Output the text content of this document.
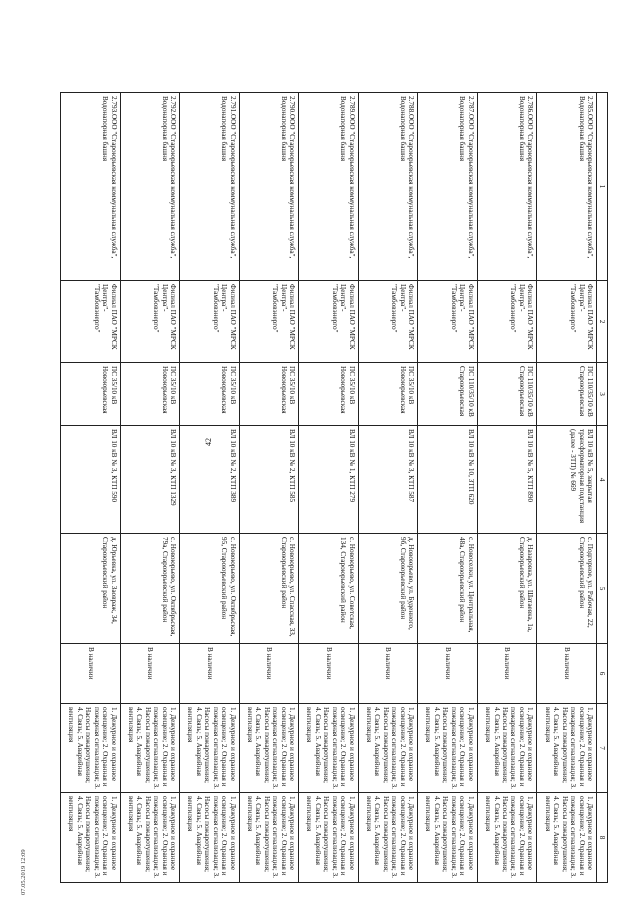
42
1	2	3	4	5	6	7	8
2.785.ООО "Староюрьевская коммунальная служба", Водонапорная башня	Филиал ПАО "МРСК Центра"-"Тамбовэнерго"	ПС 110/35/10 кВ Староюрьевская	ВЛ 10 кВ № 5, закрытая трансформаторная подстанция (далее - ЗТП) № 669	с. Подгорное, ул. Рабочая, 22, Староюрьевский район	В наличии	1. Дежурное и охранное освещение; 2. Охранная и пожарная сигнализация; 3. Насосы пожаротушения; 4. Связь; 5. Аварийная вентиляция	1. Дежурное и охранное освещение; 2. Охранная и пожарная сигнализация; 3. Насосы пожаротушения; 4. Связь; 5. Аварийная вентиляция
2.786.ООО "Староюрьевская коммунальная служба", Водонапорная башня	Филиал ПАО "МРСК Центра"-"Тамбовэнерго"	ПС 110/35/10 кВ Староюрьевская	ВЛ 10 кВ № 5, КТП 890	д. Назаровка, ул. Шатаевка, 1а, Староюрьевский район	В наличии	1. Дежурное и охранное освещение; 2. Охранная и пожарная сигнализация; 3. Насосы пожаротушения; 4. Связь; 5. Аварийная вентиляция	1. Дежурное и охранное освещение; 2. Охранная и пожарная сигнализация; 3. Насосы пожаротушения; 4. Связь; 5. Аварийная вентиляция
2.787.ООО "Староюрьевская коммунальная служба", Водонапорная башня	Филиал ПАО "МРСК Центра"-"Тамбовэнерго"	ПС 110/35/10 кВ Староюрьевская	ВЛ 10 кВ № 10, ЗТП 620	с. Новоселки, ул. Центральная, 48а, Староюрьевский район	В наличии	1. Дежурное и охранное освещение; 2. Охранная и пожарная сигнализация; 3. Насосы пожаротушения; 4. Связь; 5. Аварийная вентиляция	1. Дежурное и охранное освещение; 2. Охранная и пожарная сигнализация; 3. Насосы пожаротушения; 4. Связь; 5. Аварийная вентиляция
2.788.ООО "Староюрьевская коммунальная служба", Водонапорная башня	Филиал ПАО "МРСК Центра"-"Тамбовэнерго"	ПС 35/10 кВ Новоюрьевская	ВЛ 10 кВ № 3, КТП 587	д. Новоюрьево, ул. Буденного, 9б, Староюрьевский район	В наличии	1. Дежурное и охранное освещение; 2. Охранная и пожарная сигнализация; 3. Насосы пожаротушения; 4. Связь; 5. Аварийная вентиляция	1. Дежурное и охранное освещение; 2. Охранная и пожарная сигнализация; 3. Насосы пожаротушения; 4. Связь; 5. Аварийная вентиляция
2.789.ООО "Староюрьевская коммунальная служба", Водонапорная башня	Филиал ПАО "МРСК Центра"-"Тамбовэнерго"	ПС 35/10 кВ Новоюрьевская	ВЛ 10 кВ № 1, КТП 279	с. Новоюрьево, ул. Советская, 134, Староюрьевский район	В наличии	1. Дежурное и охранное освещение; 2. Охранная и пожарная сигнализация; 3. Насосы пожаротушения; 4. Связь; 5. Аварийная вентиляция	1. Дежурное и охранное освещение; 2. Охранная и пожарная сигнализация; 3. Насосы пожаротушения; 4. Связь; 5. Аварийная вентиляция
2.790.ООО "Староюрьевская коммунальная служба", Водонапорная башня	Филиал ПАО "МРСК Центра"-"Тамбовэнерго"	ПС 35/10 кВ Новоюрьевская	ВЛ 10 кВ № 2, КТП 585	с. Новоюрьево, ул. Спасская, 33, Староюрьевский район	В наличии	1. Дежурное и охранное освещение; 2. Охранная и пожарная сигнализация; 3. Насосы пожаротушения; 4. Связь; 5. Аварийная вентиляция	1. Дежурное и охранное освещение; 2. Охранная и пожарная сигнализация; 3. Насосы пожаротушения; 4. Связь; 5. Аварийная вентиляция
2.791.ООО "Староюрьевская коммунальная служба", Водонапорная башня	Филиал ПАО "МРСК Центра"-"Тамбовэнерго"	ПС 35/10 кВ Новоюрьевская	ВЛ 10 кВ № 2, КТП 389	с. Новоюрьево, ул. Октябрьская, 95, Староюрьевский район	В наличии	1. Дежурное и охранное освещение; 2. Охранная и пожарная сигнализация; 3. Насосы пожаротушения; 4. Связь; 5. Аварийная вентиляция	1. Дежурное и охранное освещение; 2. Охранная и пожарная сигнализация; 3. Насосы пожаротушения; 4. Связь; 5. Аварийная вентиляция
2.792.ООО "Староюрьевская коммунальная служба", Водонапорная башня	Филиал ПАО "МРСК Центра"-"Тамбовэнерго"	ПС 35/10 кВ Новоюрьевская	ВЛ 10 кВ № 3, КТП 1329	с. Новоюрьево, ул. Октябрьская, 79а, Староюрьевский район	В наличии	1. Дежурное и охранное освещение; 2. Охранная и пожарная сигнализация; 3. Насосы пожаротушения; 4. Связь; 5. Аварийная вентиляция	1. Дежурное и охранное освещение; 2. Охранная и пожарная сигнализация; 3. Насосы пожаротушения; 4. Связь; 5. Аварийная вентиляция
2.793.ООО "Староюрьевская коммунальная служба", Водонапорная башня	Филиал ПАО "МРСК Центра"-"Тамбовэнерго"	ПС 35/10 кВ Новоюрьевская	ВЛ 10 кВ № 3, КТП 590	д. Юрьевка, ул. Заовраж, 34, Староюрьевский район	В наличии	1. Дежурное и охранное освещение; 2. Охранная и пожарная сигнализация; 3. Насосы пожаротушения; 4. Связь; 5. Аварийная вентиляция	1. Дежурное и охранное освещение; 2. Охранная и пожарная сигнализация; 3. Насосы пожаротушения; 4. Связь; 5. Аварийная вентиляция
07.05.2019 12:09
